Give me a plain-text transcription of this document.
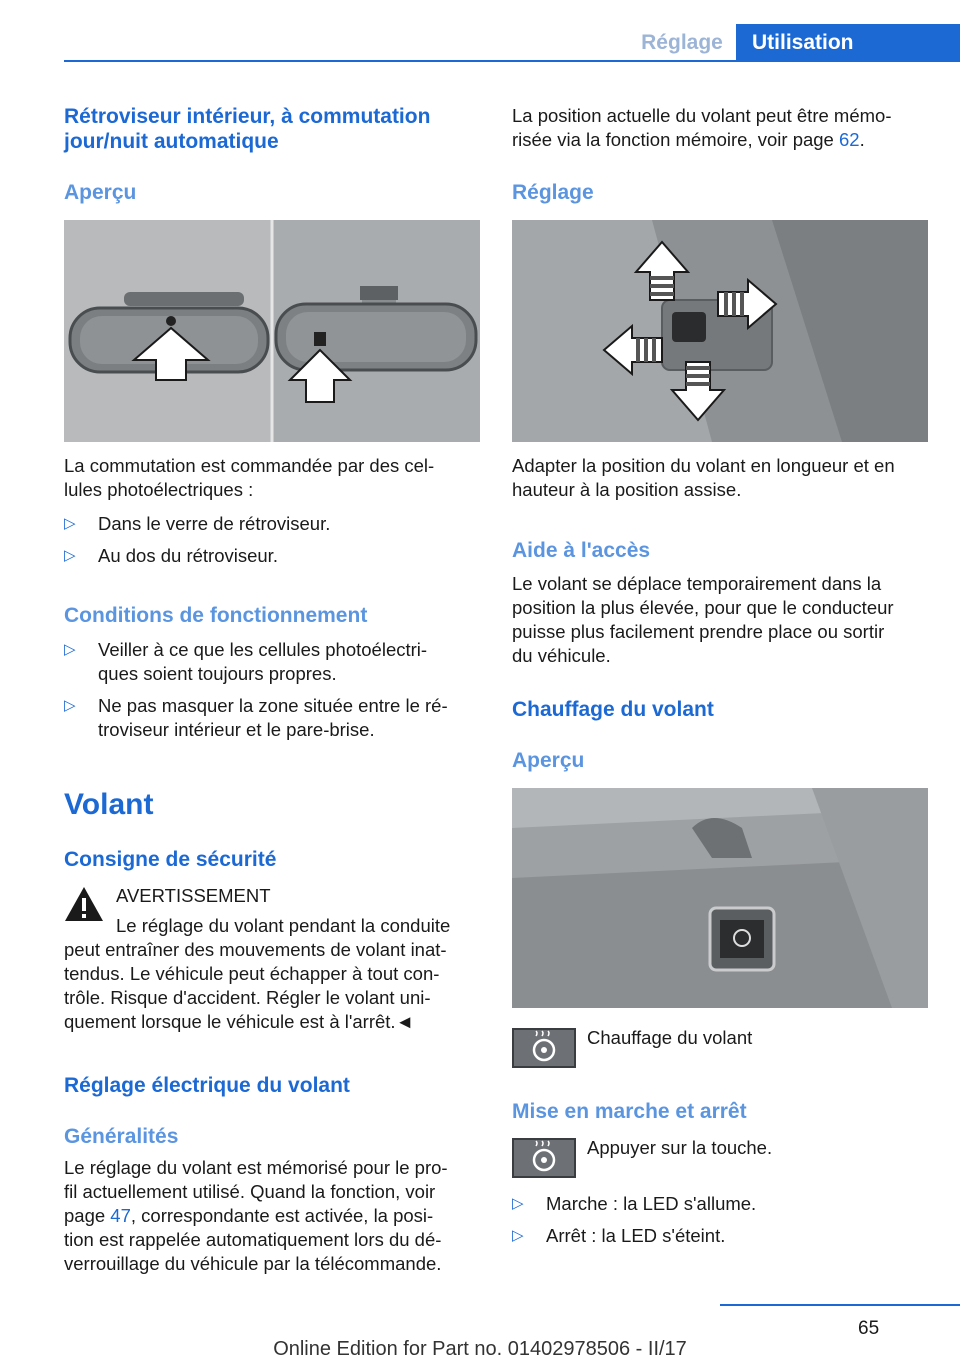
Réglage	Utilisation
Rétroviseur intérieur, à commutation
jour/nuit automatique
Aperçu
La commutation est commandée par des cel‐
lules photoélectriques :
▷	Dans le verre de rétroviseur.
▷	Au dos du rétroviseur.
Conditions de fonctionnement
▷ Veiller à ce que les cellules photoélectri‐
ques soient toujours propres.
▷ Ne pas masquer la zone située entre le ré‐
troviseur intérieur et le pare-brise.
Volant
Consigne de sécurité
AVERTISSEMENT
Le réglage du volant pendant la conduite
peut entraîner des mouvements de volant inat‐
tendus. Le véhicule peut échapper à tout con‐
trôle. Risque d'accident. Régler le volant uni‐
quement lorsque le véhicule est à l'arrêt.◄
Réglage électrique du volant
Généralités
Le réglage du volant est mémorisé pour le pro‐
fil actuellement utilisé. Quand la fonction, voir
page 47, correspondante est activée, la posi‐
tion est rappelée automatiquement lors du dé‐
verrouillage du véhicule par la télécommande.
La position actuelle du volant peut être mémo‐
risée via la fonction mémoire, voir page 62.
Réglage
Adapter la position du volant en longueur et en
hauteur à la position assise.
Aide à l'accès
Le volant se déplace temporairement dans la
position la plus élevée, pour que le conducteur
puisse plus facilement prendre place ou sortir
du véhicule.
Chauffage du volant
Aperçu
Chauffage du volant
Mise en marche et arrêt
Appuyer sur la touche.
▷	Marche : la LED s'allume.
▷	Arrêt : la LED s'éteint.
65
Online Edition for Part no. 01402978506 - II/17
